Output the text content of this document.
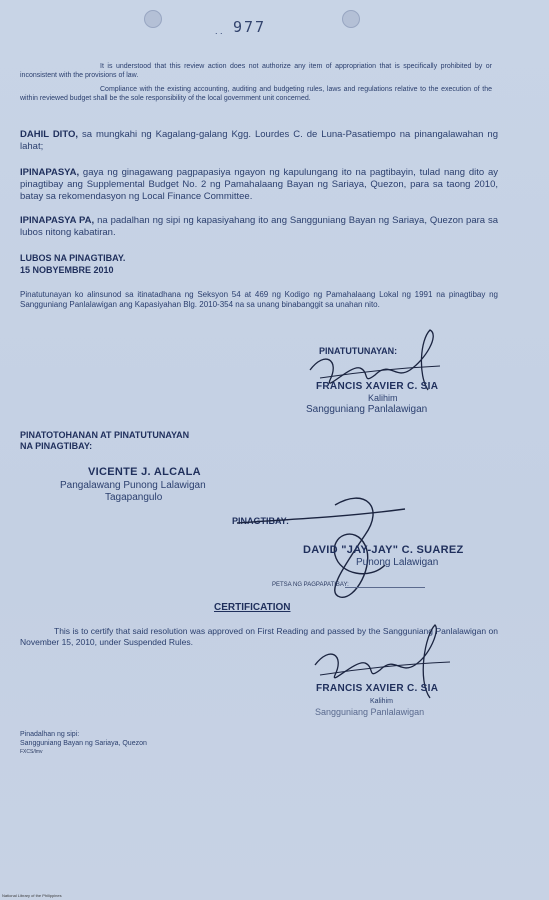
. . 977
It is understood that this review action does not authorize any item of appropriation that is specifically prohibited by or inconsistent with the provisions of law.
Compliance with the existing accounting, auditing and budgeting rules, laws and regulations relative to the execution of the within reviewed budget shall be the sole responsibility of the local government unit concerned.
DAHIL DITO, sa mungkahi ng Kagalang-galang Kgg. Lourdes C. de Luna-Pasatiempo na pinangalawahan ng lahat;
IPINAPASYA, gaya ng ginagawang pagpapasiya ngayon ng kapulungang ito na pagtibayin, tulad nang dito ay pinagtibay ang Supplemental Budget No. 2 ng Pamahalaang Bayan ng Sariaya, Quezon, para sa taong 2010, batay sa rekomendasyon ng Local Finance Committee.
IPINAPASYA PA, na padalhan ng sipi ng kapasiyahang ito ang Sangguniang Bayan ng Sariaya, Quezon para sa lubos nitong kabatiran.
LUBOS NA PINAGTIBAY.
15 NOBYEMBRE 2010
Pinatutunayan ko alinsunod sa itinatadhana ng Seksyon 54 at 469 ng Kodigo ng Pamahalaang Lokal ng 1991 na pinagtibay ng Sangguniang Panlalawigan ang Kapasiyahan Blg. 2010-354 na sa unang binabanggit sa unahan nito.
PINATUTUNAYAN:
FRANCIS XAVIER C. SIA
Kalihim
Sangguniang Panlalawigan
PINATOTOHANAN AT PINATUTUNAYAN
NA PINAGTIBAY:
VICENTE J. ALCALA
Pangalawang Punong Lalawigan
Tagapangulo
PINAGTIBAY:
DAVID "JAY-JAY" C. SUAREZ
Punong Lalawigan
PETSA NG PAGPAPATIBAY:
CERTIFICATION
This is to certify that said resolution was approved on First Reading and passed by the Sangguniang Panlalawigan on November 15, 2010, under Suspended Rules.
FRANCIS XAVIER C. SIA
Kalihim
Sangguniang Panlalawigan
Pinadalhan ng sipi:
Sangguniang Bayan ng Sariaya, Quezon
FXCS/lmv
National Library of the Philippines
